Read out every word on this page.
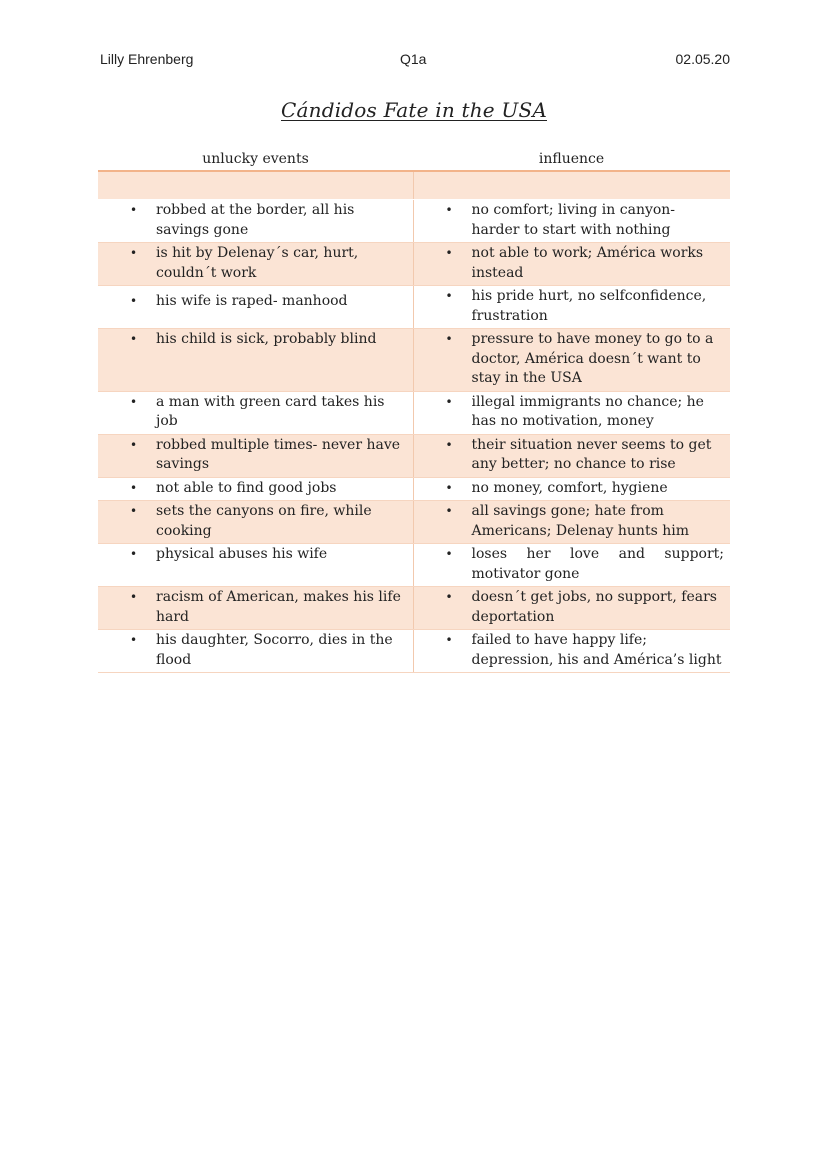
Lilly Ehrenberg	Q1a	02.05.20
Cándidos Fate in the USA
unlucky events	influence

• robbed at the border, all his savings gone	• no comfort; living in canyon- harder to start with nothing

• is hit by Delenay´s car, hurt, couldn´t work	• not able to work; América works instead

• his wife is raped- manhood	• his pride hurt, no selfconfidence, frustration

• his child is sick, probably blind	• pressure to have money to go to a doctor, América doesn´t want to stay in the USA

• a man with green card takes his job	• illegal immigrants no chance; he has no motivation, money

• robbed multiple times- never have savings	• their situation never seems to get any better; no chance to rise

• not able to find good jobs	• no money, comfort, hygiene

• sets the canyons on fire, while cooking	• all savings gone; hate from Americans; Delenay hunts him

• physical abuses his wife	• loses her love and support; motivator gone

• racism of American, makes his life hard	• doesn´t get jobs, no support, fears deportation

• his daughter, Socorro, dies in the flood	• failed to have happy life; depression, his and América’s light
